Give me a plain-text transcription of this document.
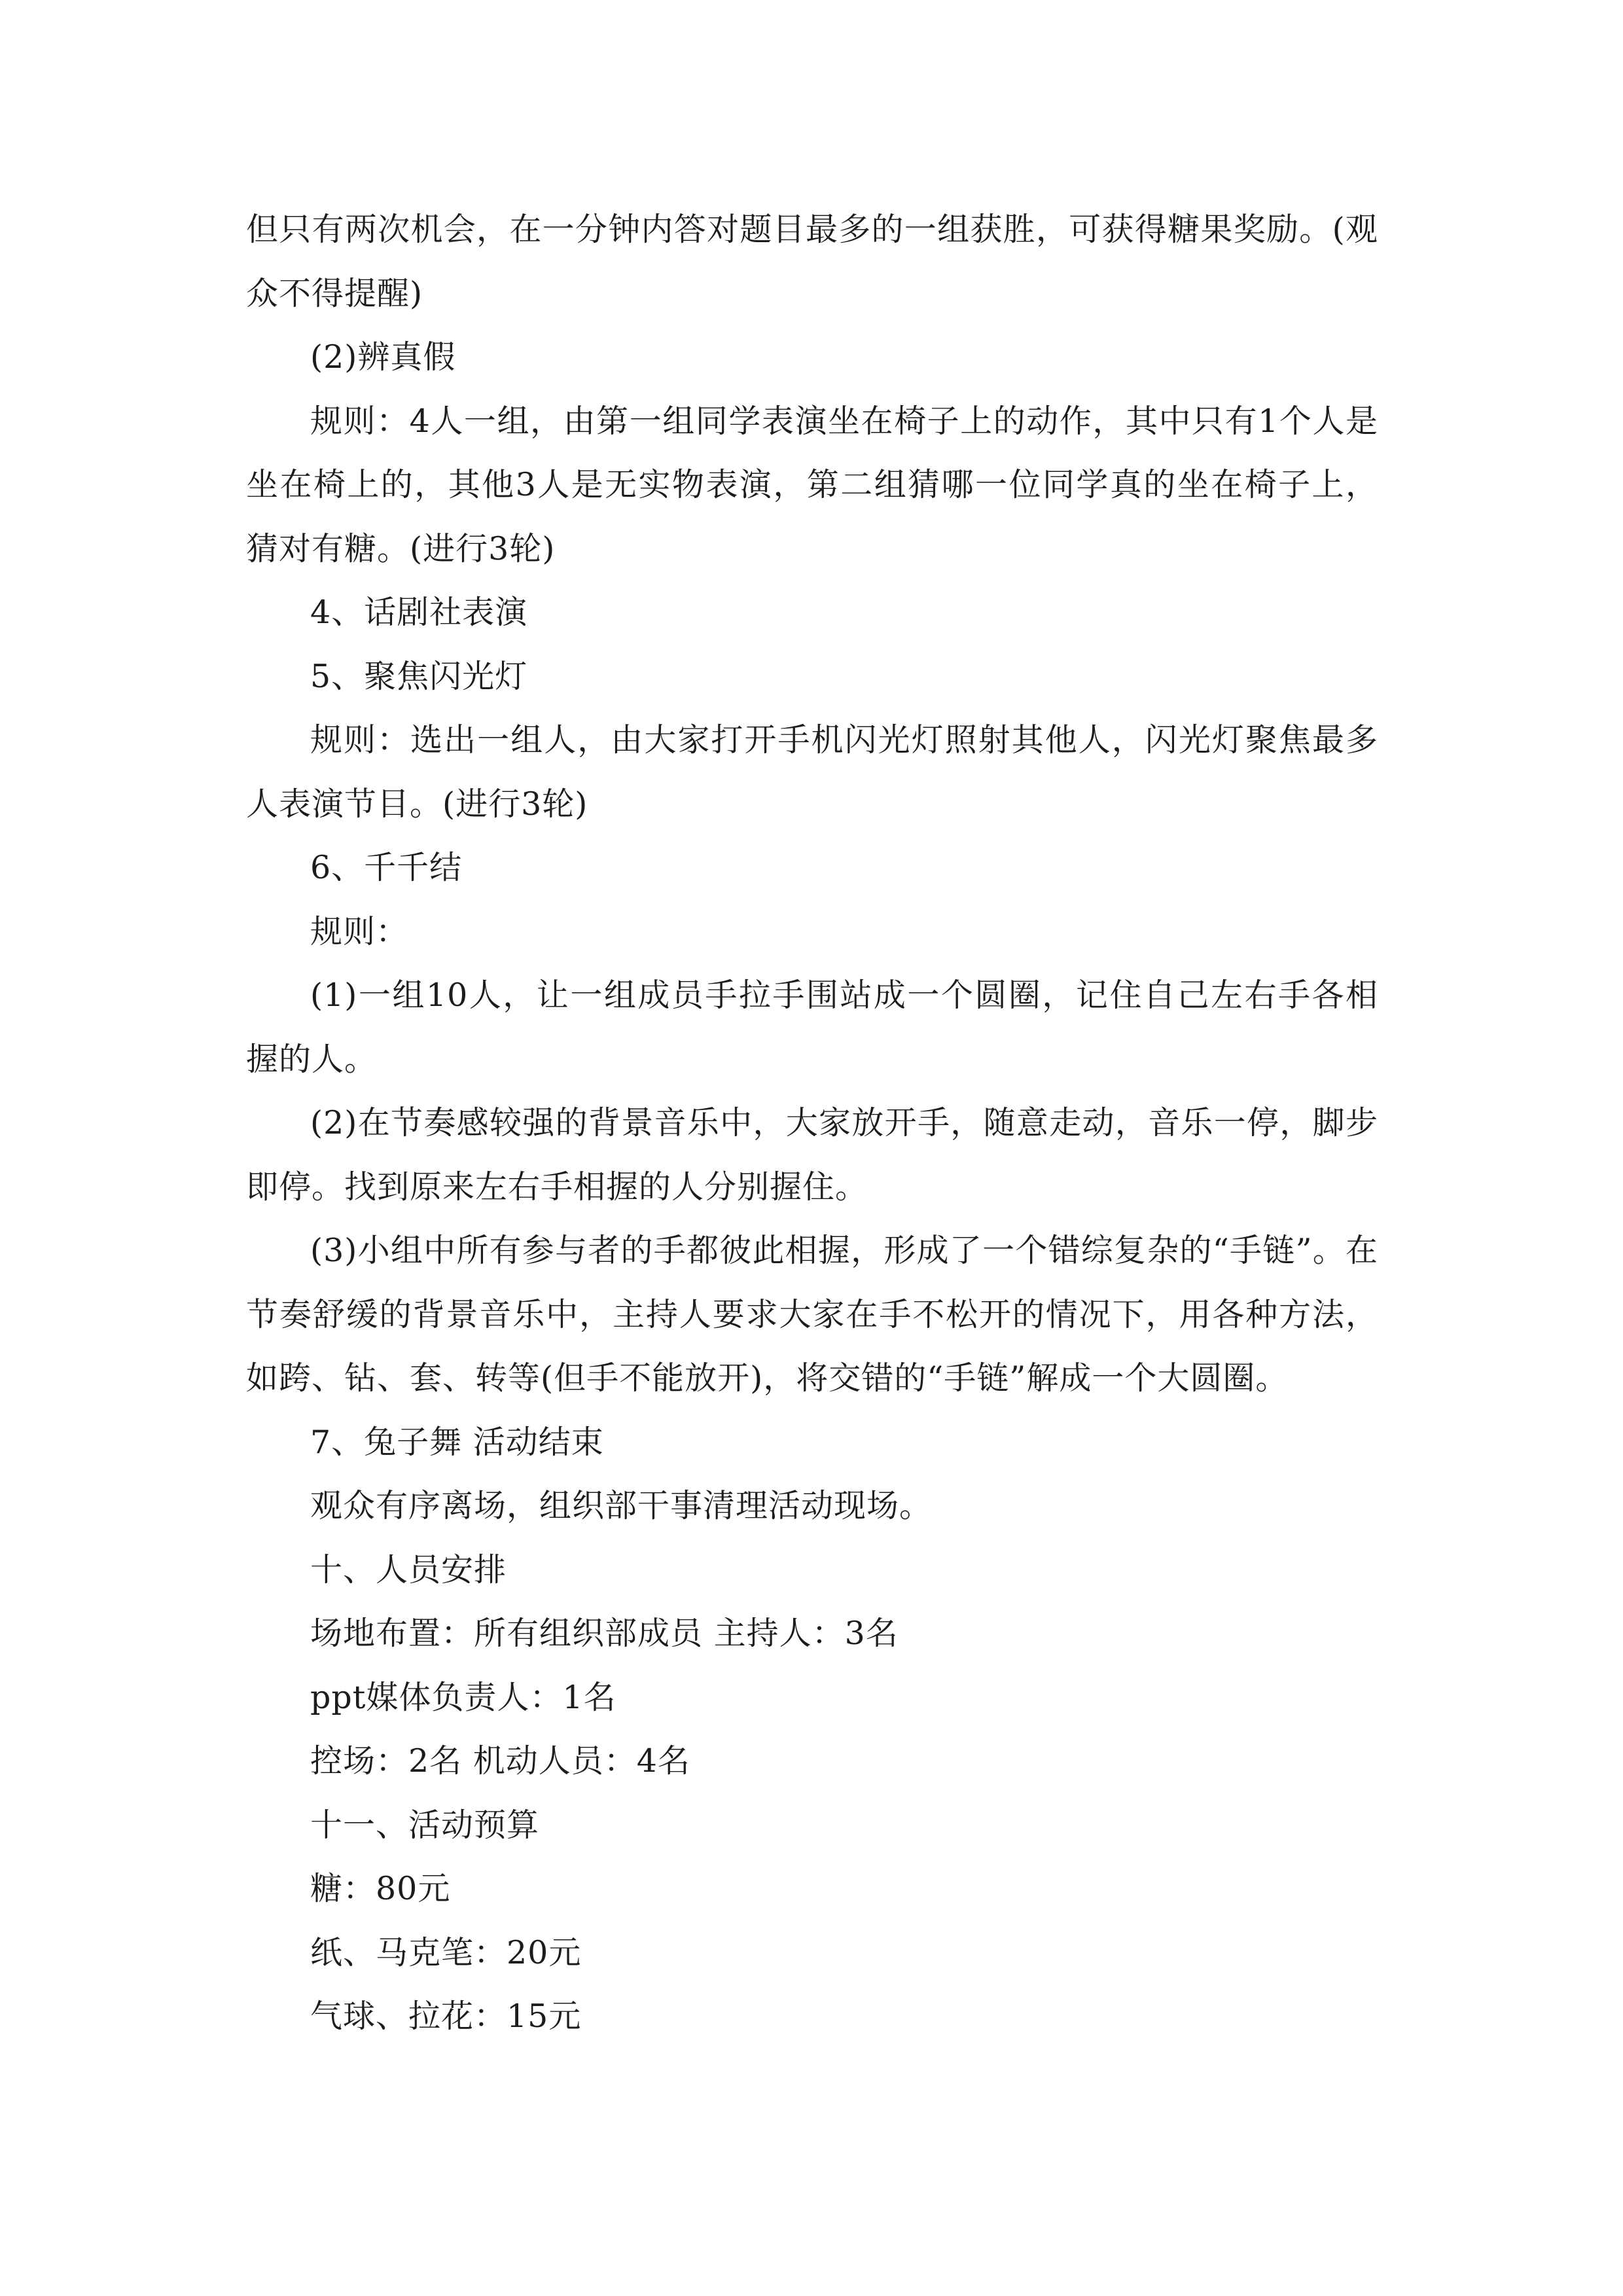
但只有两次机会，在一分钟内答对题目最多的一组获胜，可获得糖果奖励。(观众不得提醒)

(2)辨真假

规则：4人一组，由第一组同学表演坐在椅子上的动作，其中只有1个人是坐在椅上的，其他3人是无实物表演，第二组猜哪一位同学真的坐在椅子上，猜对有糖。(进行3轮)

4、话剧社表演

5、聚焦闪光灯

规则：选出一组人，由大家打开手机闪光灯照射其他人，闪光灯聚焦最多人表演节目。(进行3轮)

6、千千结

规则：

(1)一组10人，让一组成员手拉手围站成一个圆圈，记住自己左右手各相握的人。

(2)在节奏感较强的背景音乐中，大家放开手，随意走动，音乐一停，脚步即停。找到原来左右手相握的人分别握住。

(3)小组中所有参与者的手都彼此相握，形成了一个错综复杂的“手链”。在节奏舒缓的背景音乐中，主持人要求大家在手不松开的情况下，用各种方法，如跨、钻、套、转等(但手不能放开)，将交错的“手链”解成一个大圆圈。

7、兔子舞 活动结束

观众有序离场，组织部干事清理活动现场。

十、人员安排

场地布置：所有组织部成员 主持人：3名

ppt媒体负责人：1名

控场：2名 机动人员：4名

十一、活动预算

糖：80元

纸、马克笔：20元

气球、拉花：15元
